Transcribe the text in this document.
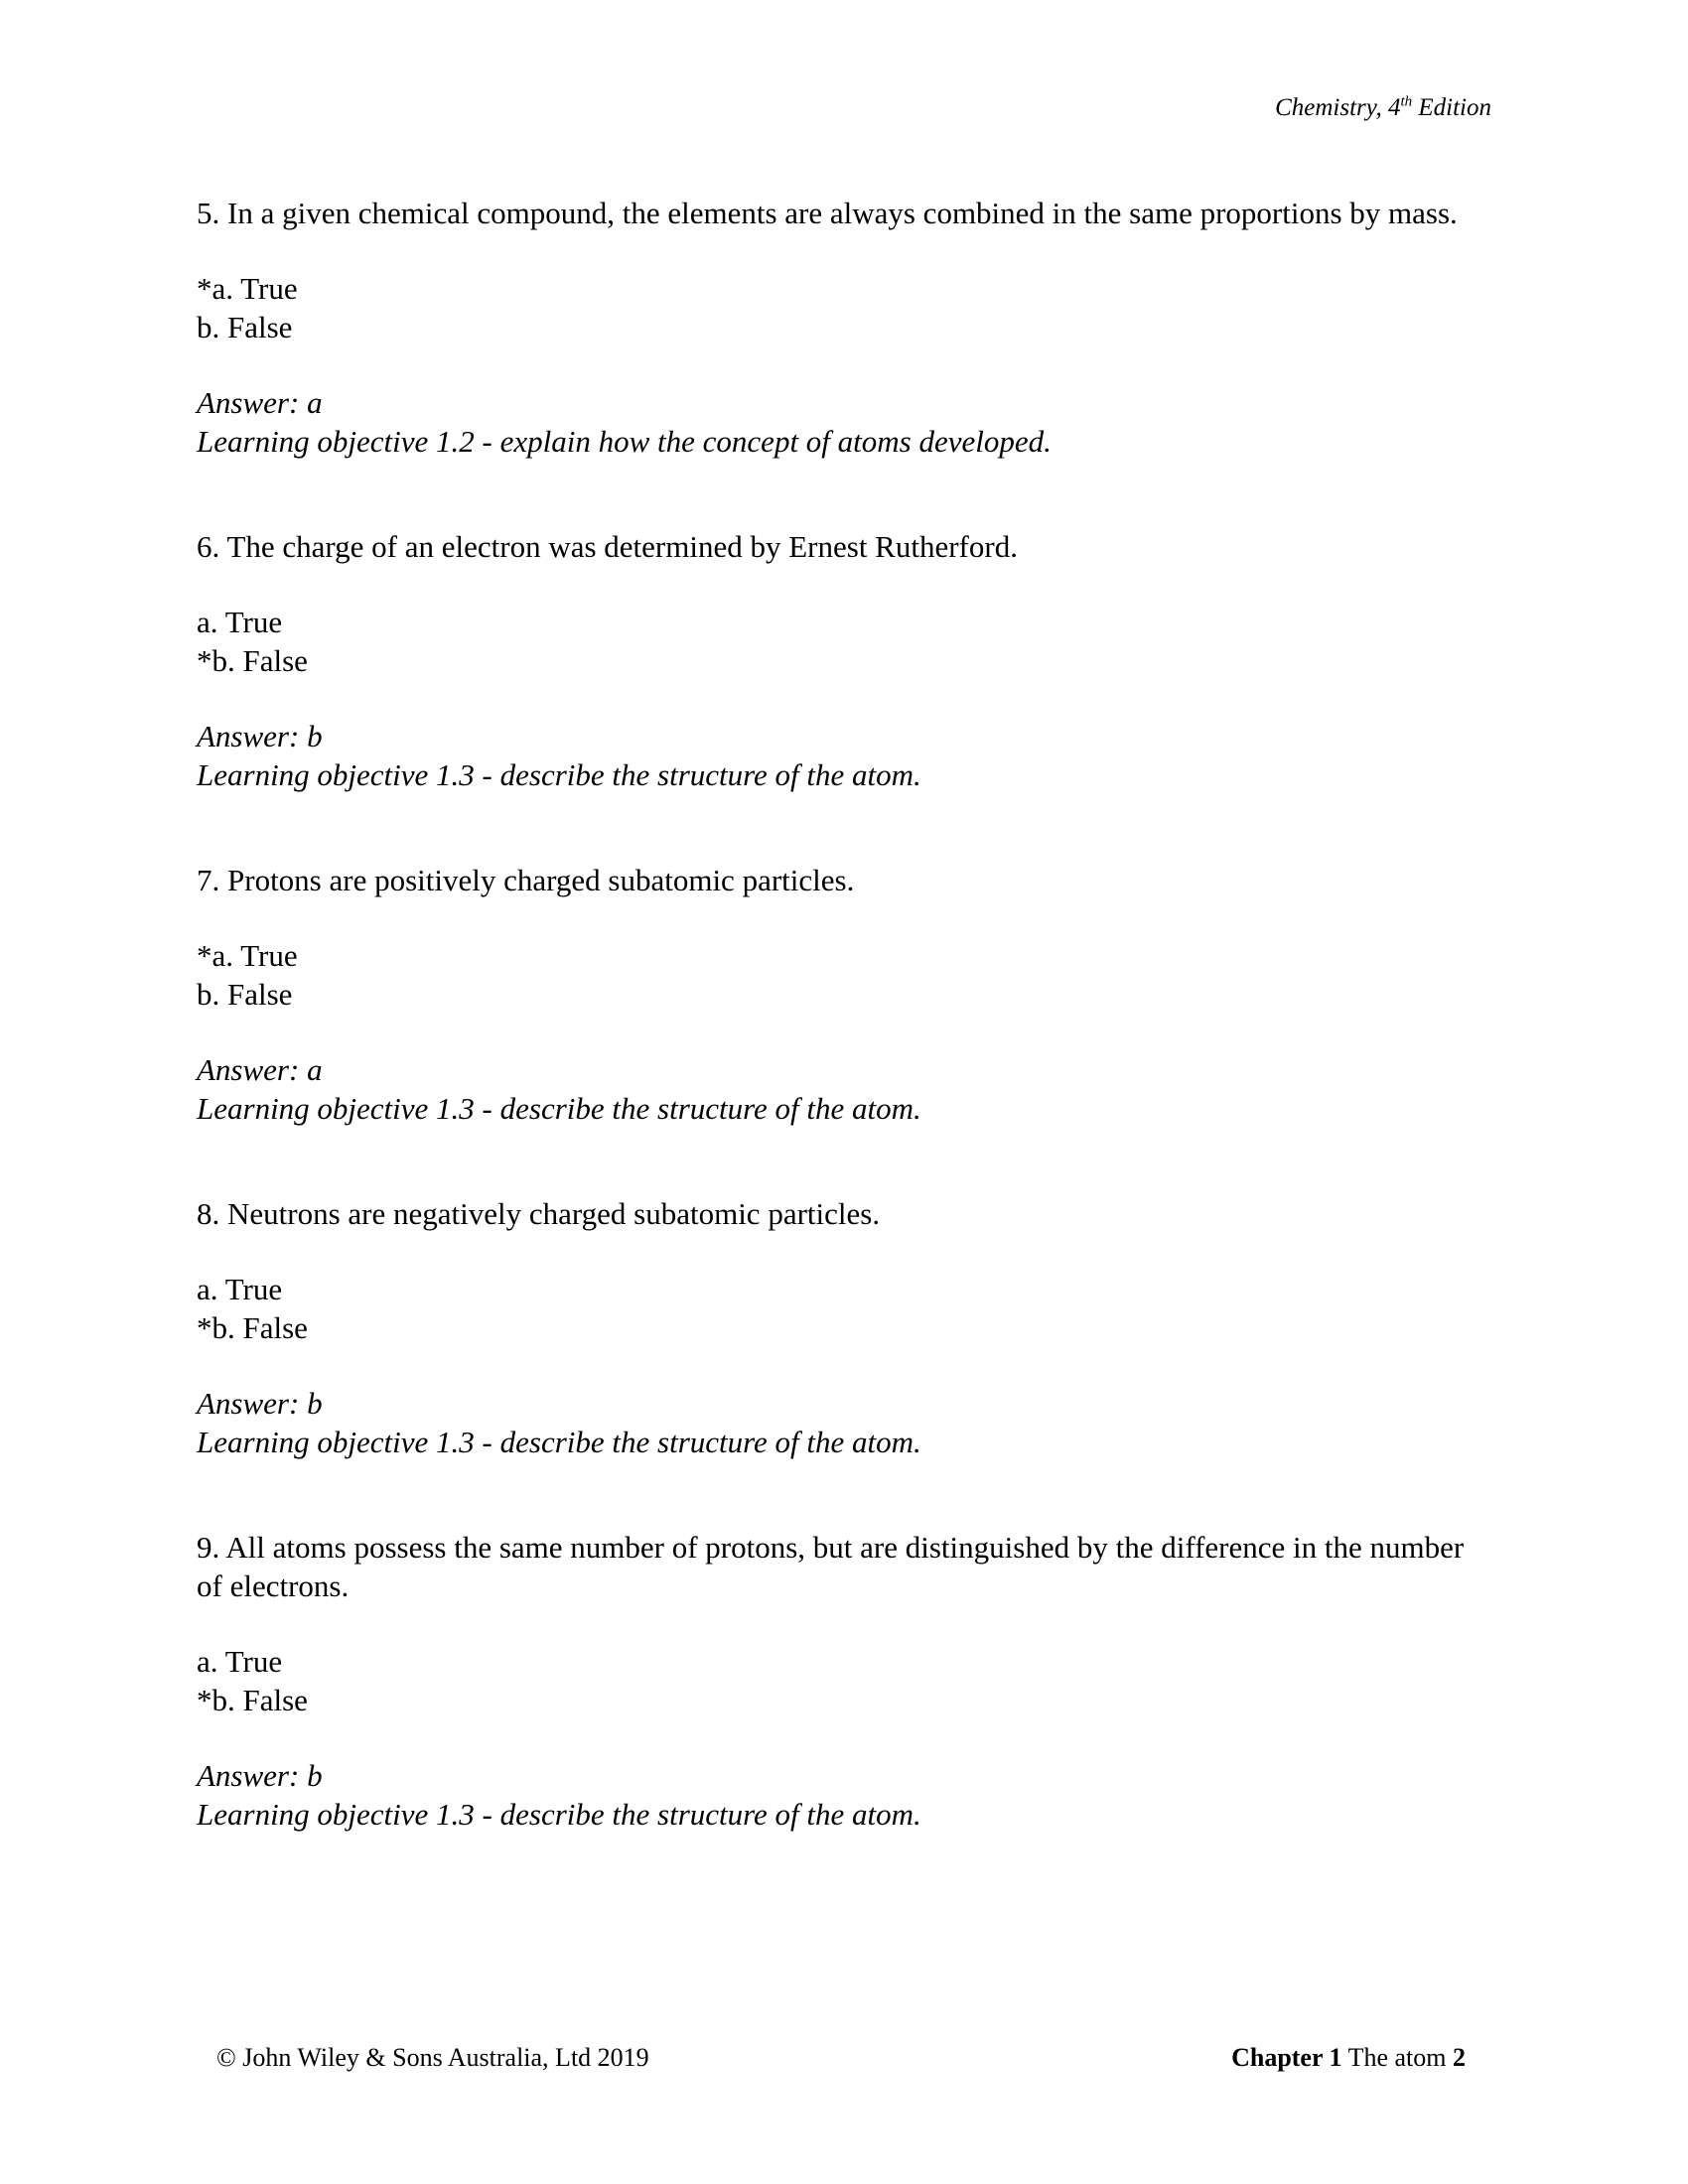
Chemistry, 4th Edition
5. In a given chemical compound, the elements are always combined in the same proportions by mass.
*a. True
b. False
Answer: a
Learning objective 1.2 - explain how the concept of atoms developed.
6. The charge of an electron was determined by Ernest Rutherford.
a. True
*b. False
Answer: b
Learning objective 1.3 - describe the structure of the atom.
7. Protons are positively charged subatomic particles.
*a. True
b. False
Answer: a
Learning objective 1.3 - describe the structure of the atom.
8. Neutrons are negatively charged subatomic particles.
a. True
*b. False
Answer: b
Learning objective 1.3 - describe the structure of the atom.
9. All atoms possess the same number of protons, but are distinguished by the difference in the number of electrons.
a. True
*b. False
Answer: b
Learning objective 1.3 - describe the structure of the atom.
© John Wiley & Sons Australia, Ltd 2019	Chapter 1 The atom 2
